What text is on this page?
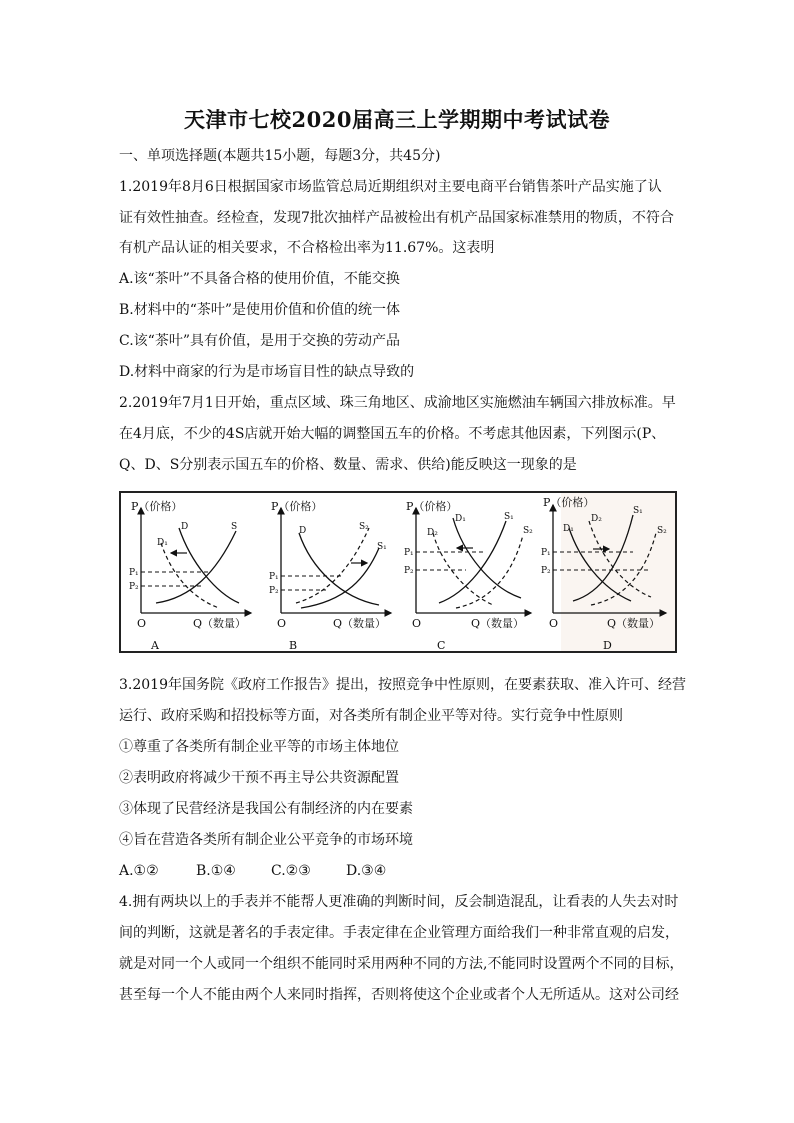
天津市七校2020届高三上学期期中考试试卷
一、单项选择题(本题共15小题，每题3分，共45分)
1.2019年8月6日根据国家市场监管总局近期组织对主要电商平台销售茶叶产品实施了认
证有效性抽查。经检查，发现7批次抽样产品被检出有机产品国家标准禁用的物质，不符合
有机产品认证的相关要求，不合格检出率为11.67%。这表明
A.该“茶叶”不具备合格的使用价值，不能交换
B.材料中的“茶叶”是使用价值和价值的统一体
C.该“茶叶”具有价值，是用于交换的劳动产品
D.材料中商家的行为是市场盲目性的缺点导致的
2.2019年7月1日开始，重点区域、珠三角地区、成渝地区实施燃油车辆国六排放标准。早
在4月底，不少的4S店就开始大幅的调整国五车的价格。不考虑其他因素，下列图示(P、
Q、D、S分别表示国五车的价格、数量、需求、供给)能反映这一现象的是
P（价格）
Q（数量）
O
P₁
P₂
D
D₁
S
A
P（价格）
Q（数量）
O
P₁
P₂
D	S₂
S₁
B
P（价格）
Q（数量）
O
P₁
P₂
D₁
D₂
S₁
S₂
C
P（价格）
Q（数量）
O
P₁
P₂
D₁
D₂
S₁
S₂
D
3.2019年国务院《政府工作报告》提出，按照竞争中性原则，在要素获取、准入许可、经营
运行、政府采购和招投标等方面，对各类所有制企业平等对待。实行竞争中性原则
①尊重了各类所有制企业平等的市场主体地位
②表明政府将减少干预不再主导公共资源配置
③体现了民营经济是我国公有制经济的内在要素
④旨在营造各类所有制企业公平竞争的市场环境
A.①②	B.①④	C.②③	D.③④
4.拥有两块以上的手表并不能帮人更准确的判断时间，反会制造混乱，让看表的人失去对时
间的判断，这就是著名的手表定律。手表定律在企业管理方面给我们一种非常直观的启发，
就是对同一个人或同一个组织不能同时采用两种不同的方法,不能同时设置两个不同的目标，
甚至每一个人不能由两个人来同时指挥，否则将使这个企业或者个人无所适从。这对公司经
